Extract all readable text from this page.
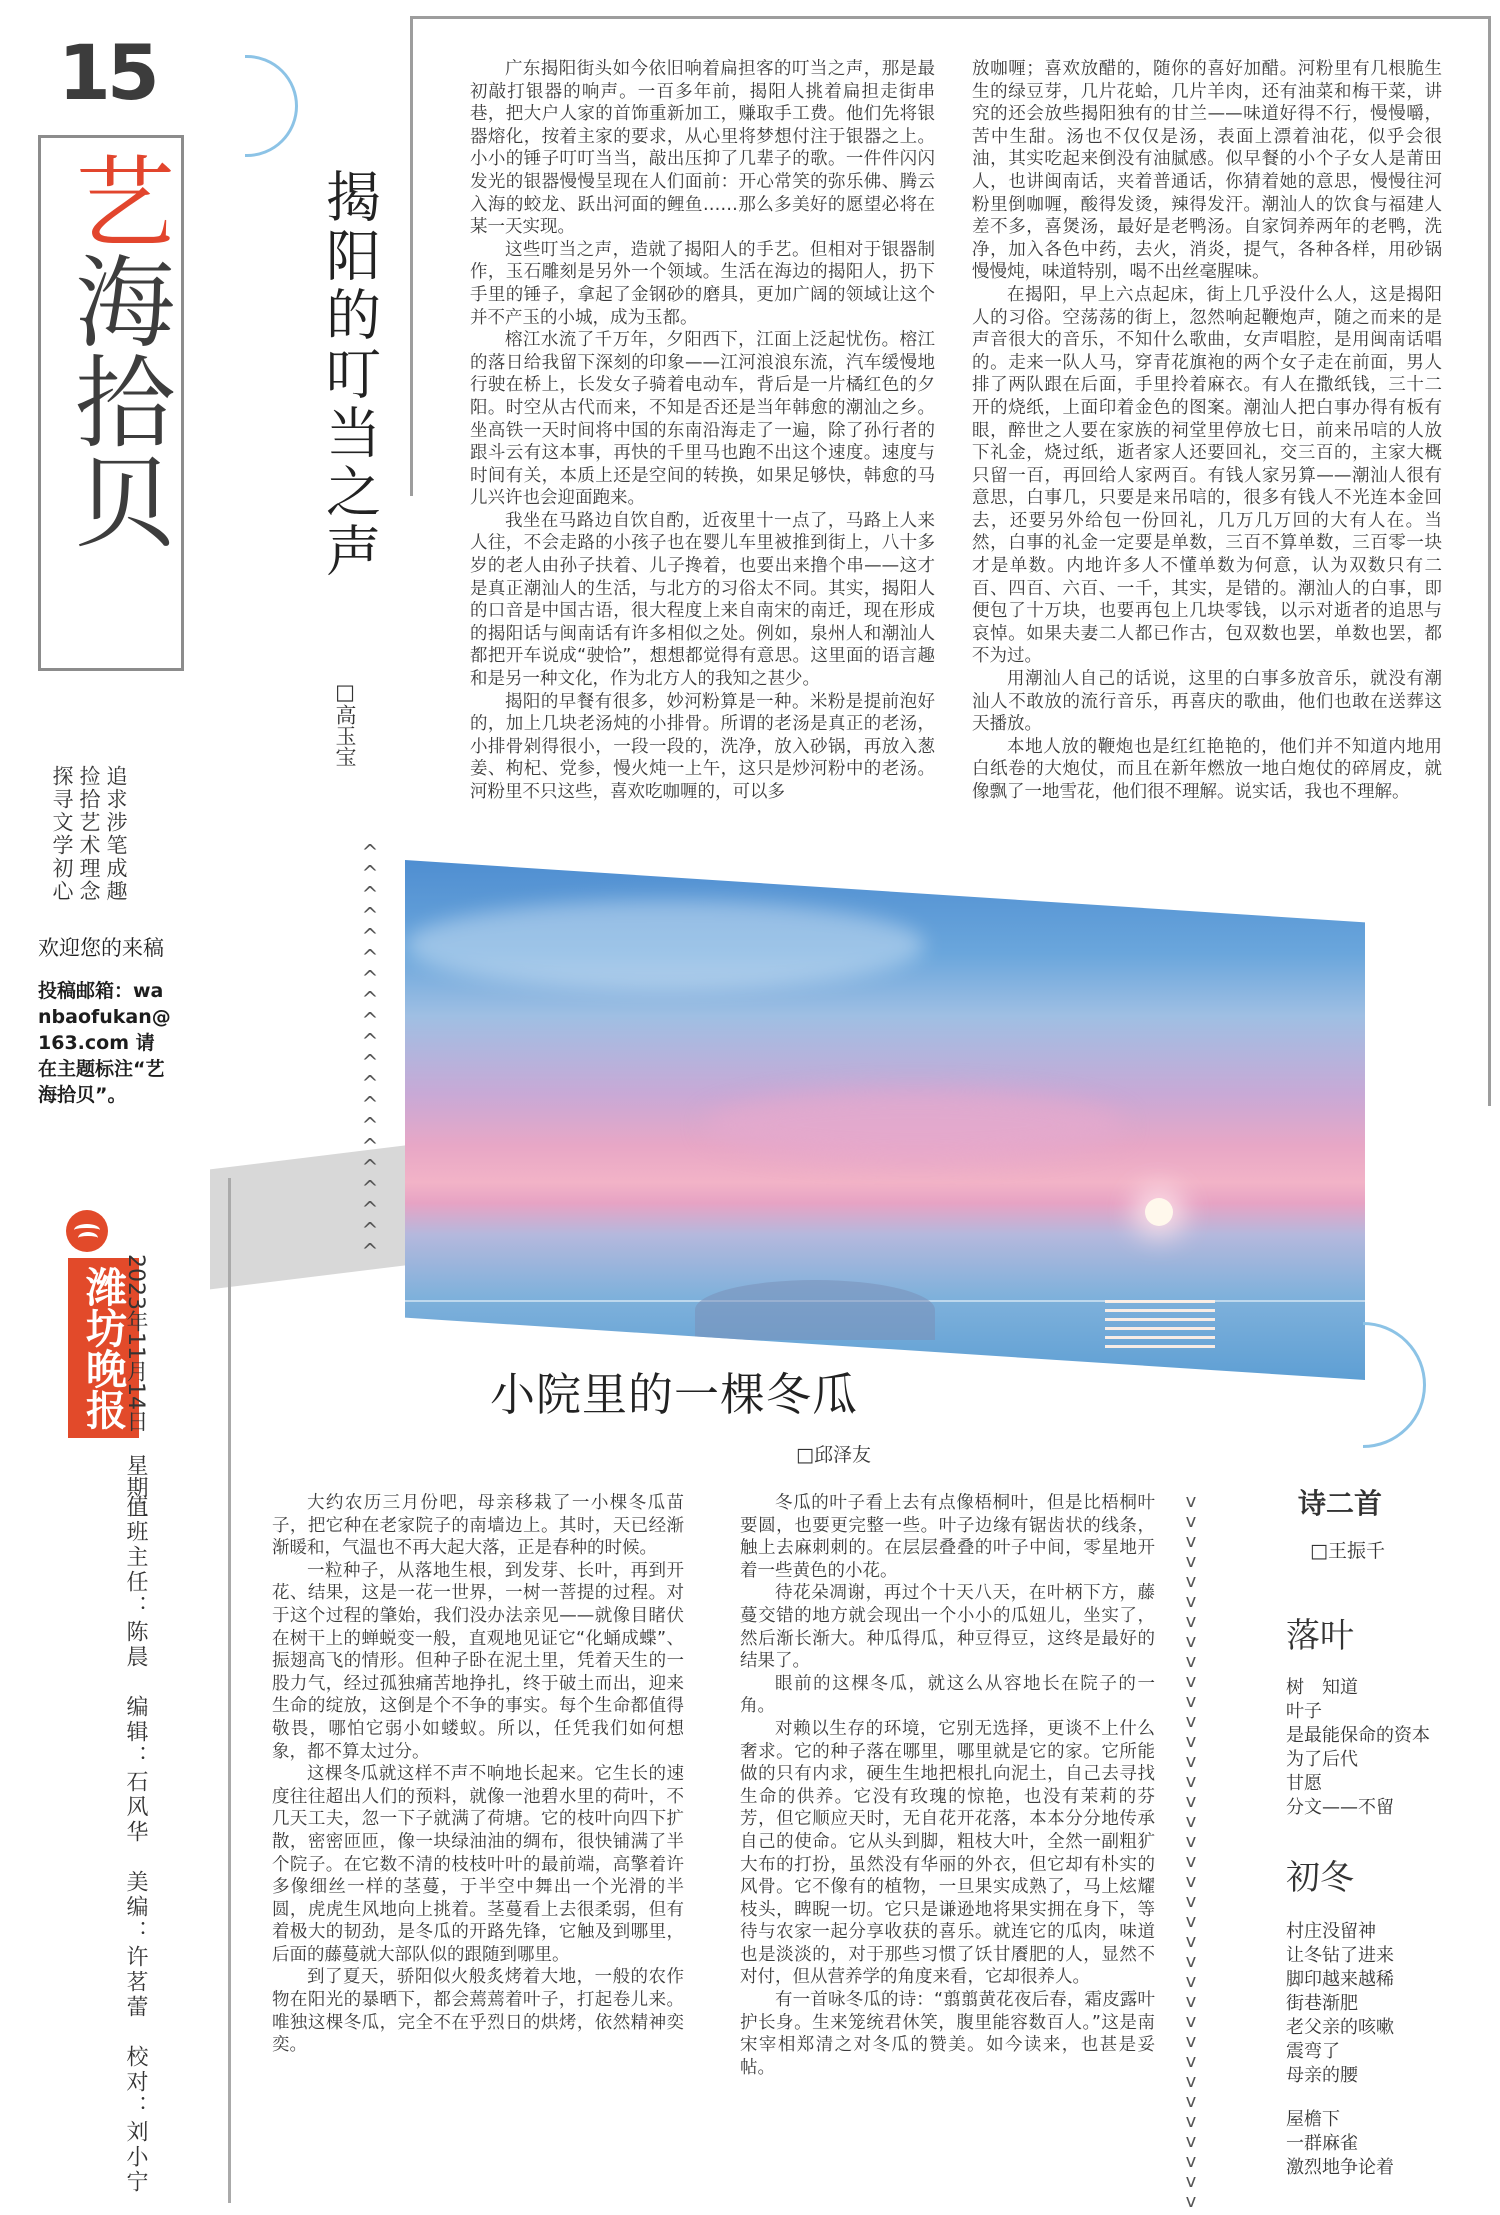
^
^
^
^
^
^
^
^
^
^
^
^
^
^
^
^
^
^
^
^
v
v
v
v
v
v
v
v
v
v
v
v
v
v
v
v
v
v
v
v
v
v
v
v
v
v
v
v
v
v
v
v
v
v
v
v
15
艺海拾贝
追求涉笔成趣
捡拾艺术理念
探寻文学初心
欢迎您的来稿
投稿邮箱：wanbaofukan@163.com 请在主题标注“艺海拾贝”。
潍坊晚报
2023年11月14日　星期二
值班主任：陈晨　编辑：石风华　美编：许茗蕾　校对：刘小宁
揭阳的叮当之声
□高玉宝

广东揭阳街头如今依旧响着扁担客的叮当之声，那是最初敲打银器的响声。一百多年前，揭阳人挑着扁担走街串巷，把大户人家的首饰重新加工，赚取手工费。他们先将银器熔化，按着主家的要求，从心里将梦想付注于银器之上。小小的锤子叮叮当当，敲出压抑了几辈子的歌。一件件闪闪发光的银器慢慢呈现在人们面前：开心常笑的弥乐佛、腾云入海的蛟龙、跃出河面的鲤鱼……那么多美好的愿望必将在某一天实现。

这些叮当之声，造就了揭阳人的手艺。但相对于银器制作，玉石雕刻是另外一个领域。生活在海边的揭阳人，扔下手里的锤子，拿起了金钢砂的磨具，更加广阔的领域让这个并不产玉的小城，成为玉都。

榕江水流了千万年，夕阳西下，江面上泛起忧伤。榕江的落日给我留下深刻的印象——江河浪浪东流，汽车缓慢地行驶在桥上，长发女子骑着电动车，背后是一片橘红色的夕阳。时空从古代而来，不知是否还是当年韩愈的潮汕之乡。坐高铁一天时间将中国的东南沿海走了一遍，除了孙行者的跟斗云有这本事，再快的千里马也跑不出这个速度。速度与时间有关，本质上还是空间的转换，如果足够快，韩愈的马儿兴许也会迎面跑来。

我坐在马路边自饮自酌，近夜里十一点了，马路上人来人往，不会走路的小孩子也在婴儿车里被推到街上，八十多岁的老人由孙子扶着、儿子搀着，也要出来撸个串——这才是真正潮汕人的生活，与北方的习俗太不同。其实，揭阳人的口音是中国古语，很大程度上来自南宋的南迁，现在形成的揭阳话与闽南话有许多相似之处。例如，泉州人和潮汕人都把开车说成“驶恰”，想想都觉得有意思。这里面的语言趣和是另一种文化，作为北方人的我知之甚少。

揭阳的早餐有很多，妙河粉算是一种。米粉是提前泡好的，加上几块老汤炖的小排骨。所谓的老汤是真正的老汤，小排骨剁得很小，一段一段的，洗净，放入砂锅，再放入葱姜、枸杞、党参，慢火炖一上午，这只是炒河粉中的老汤。河粉里不只这些，喜欢吃咖喱的，可以多

放咖喱；喜欢放醋的，随你的喜好加醋。河粉里有几根脆生生的绿豆芽，几片花蛤，几片羊肉，还有油菜和梅干菜，讲究的还会放些揭阳独有的甘兰——味道好得不行，慢慢嚼，苦中生甜。汤也不仅仅是汤，表面上漂着油花，似乎会很油，其实吃起来倒没有油腻感。似早餐的小个子女人是莆田人，也讲闽南话，夹着普通话，你猜着她的意思，慢慢往河粉里倒咖喱，酸得发烫，辣得发汗。潮汕人的饮食与福建人差不多，喜煲汤，最好是老鸭汤。自家饲养两年的老鸭，洗净，加入各色中药，去火，消炎，提气，各种各样，用砂锅慢慢炖，味道特别，喝不出丝毫腥味。

在揭阳，早上六点起床，街上几乎没什么人，这是揭阳人的习俗。空荡荡的街上，忽然响起鞭炮声，随之而来的是声音很大的音乐，不知什么歌曲，女声唱腔，是用闽南话唱的。走来一队人马，穿青花旗袍的两个女子走在前面，男人排了两队跟在后面，手里拎着麻衣。有人在撒纸钱，三十二开的烧纸，上面印着金色的图案。潮汕人把白事办得有板有眼，醉世之人要在家族的祠堂里停放七日，前来吊唁的人放下礼金，烧过纸，逝者家人还要回礼，交三百的，主家大概只留一百，再回给人家两百。有钱人家另算——潮汕人很有意思，白事几，只要是来吊唁的，很多有钱人不光连本金回去，还要另外给包一份回礼，几万几万回的大有人在。当然，白事的礼金一定要是单数，三百不算单数，三百零一块才是单数。内地许多人不懂单数为何意，认为双数只有二百、四百、六百、一千，其实，是错的。潮汕人的白事，即便包了十万块，也要再包上几块零钱，以示对逝者的追思与哀悼。如果夫妻二人都已作古，包双数也罢，单数也罢，都不为过。

用潮汕人自己的话说，这里的白事多放音乐，就没有潮汕人不敢放的流行音乐，再喜庆的歌曲，他们也敢在送葬这天播放。

本地人放的鞭炮也是红红艳艳的，他们并不知道内地用白纸卷的大炮仗，而且在新年燃放一地白炮仗的碎屑皮，就像飘了一地雪花，他们很不理解。说实话，我也不理解。

小院里的一棵冬瓜
□邱泽友

大约农历三月份吧，母亲移栽了一小棵冬瓜苗子，把它种在老家院子的南墙边上。其时，天已经渐渐暖和，气温也不再大起大落，正是春种的时候。

一粒种子，从落地生根，到发芽、长叶，再到开花、结果，这是一花一世界，一树一菩提的过程。对于这个过程的肇始，我们没办法亲见——就像目睹伏在树干上的蝉蜕变一般，直观地见证它“化蛹成蝶”、振翅高飞的情形。但种子卧在泥土里，凭着天生的一股力气，经过孤独痛苦地挣扎，终于破土而出，迎来生命的绽放，这倒是个不争的事实。每个生命都值得敬畏，哪怕它弱小如蝼蚁。所以，任凭我们如何想象，都不算太过分。

这棵冬瓜就这样不声不响地长起来。它生长的速度往往超出人们的预料，就像一池碧水里的荷叶，不几天工夫，忽一下子就满了荷塘。它的枝叶向四下扩散，密密匝匝，像一块绿油油的绸布，很快铺满了半个院子。在它数不清的枝枝叶叶的最前端，高擎着许多像细丝一样的茎蔓，于半空中舞出一个光滑的半圆，虎虎生风地向上挑着。茎蔓看上去很柔弱，但有着极大的韧劲，是冬瓜的开路先锋，它触及到哪里，后面的藤蔓就大部队似的跟随到哪里。

到了夏天，骄阳似火般炙烤着大地，一般的农作物在阳光的暴晒下，都会蔫蔫着叶子，打起卷儿来。唯独这棵冬瓜，完全不在乎烈日的烘烤，依然精神奕奕。

冬瓜的叶子看上去有点像梧桐叶，但是比梧桐叶要圆，也要更完整一些。叶子边缘有锯齿状的线条，触上去麻刺刺的。在层层叠叠的叶子中间，零星地开着一些黄色的小花。

待花朵凋谢，再过个十天八天，在叶柄下方，藤蔓交错的地方就会现出一个小小的瓜妞儿，坐实了，然后渐长渐大。种瓜得瓜，种豆得豆，这终是最好的结果了。

眼前的这棵冬瓜，就这么从容地长在院子的一角。

对赖以生存的环境，它别无选择，更谈不上什么奢求。它的种子落在哪里，哪里就是它的家。它所能做的只有内求，硬生生地把根扎向泥土，自己去寻找生命的供养。它没有玫瑰的惊艳，也没有茉莉的芬芳，但它顺应天时，无自花开花落，本本分分地传承自己的使命。它从头到脚，粗枝大叶，全然一副粗犷大布的打扮，虽然没有华丽的外衣，但它却有朴实的风骨。它不像有的植物，一旦果实成熟了，马上炫耀枝头，睥睨一切。它只是谦逊地将果实拥在身下，等待与农家一起分享收获的喜乐。就连它的瓜肉，味道也是淡淡的，对于那些习惯了饫甘餍肥的人，显然不对付，但从营养学的角度来看，它却很养人。

有一首咏冬瓜的诗：“翦翦黄花夜后春，霜皮露叶护长身。生来笼统君休笑，腹里能容数百人。”这是南宋宰相郑清之对冬瓜的赞美。如今读来，也甚是妥帖。

诗二首
□王振千
落叶
树　知道
叶子
是最能保命的资本
为了后代
甘愿
分文——不留
初冬
村庄没留神
让冬钻了进来
脚印越来越稀
街巷渐肥
老父亲的咳嗽
震弯了
母亲的腰
屋檐下
一群麻雀
激烈地争论着
